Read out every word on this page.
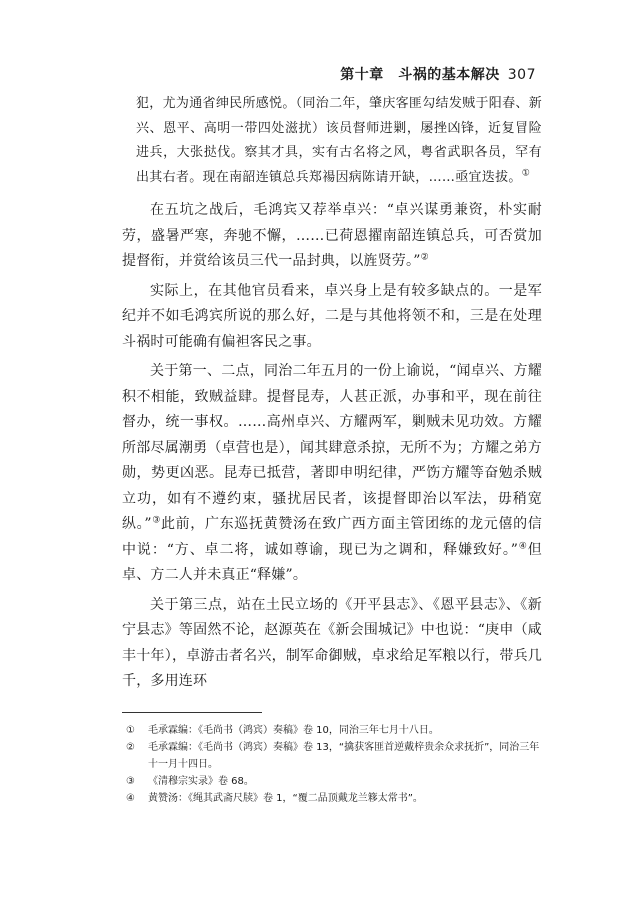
第十章　斗祸的基本解决 307
犯，尤为通省绅民所感悦。（同治二年，肇庆客匪勾结发贼于阳春、新兴、恩平、高明一带四处滋扰）该员督师进剿，屡挫凶锋，近复冒险进兵，大张挞伐。察其才具，实有古名将之风，粤省武职各员，罕有出其右者。现在南韶连镇总兵郑禓因病陈请开缺，……亟宜迭拔。①

在五坑之战后，毛鸿宾又荐举卓兴：“卓兴谋勇兼资，朴实耐劳，盛暑严寒，奔驰不懈，……已荷恩擢南韶连镇总兵，可否赏加提督衔，并赏给该员三代一品封典，以旌贤劳。”②

实际上，在其他官员看来，卓兴身上是有较多缺点的。一是军纪并不如毛鸿宾所说的那么好，二是与其他将领不和，三是在处理斗祸时可能确有偏袒客民之事。

关于第一、二点，同治二年五月的一份上谕说，“闻卓兴、方耀积不相能，致贼益肆。提督昆寿，人甚正派，办事和平，现在前往督办，统一事权。……高州卓兴、方耀两军，剿贼未见功效。方耀所部尽属潮勇（卓营也是），闻其肆意杀掠，无所不为；方耀之弟方勋，势更凶恶。昆寿已抵营，著即申明纪律，严饬方耀等奋勉杀贼立功，如有不遵约束，骚扰居民者，该提督即治以军法，毋稍宽纵。”③此前，广东巡抚黄赞汤在致广西方面主管团练的龙元僖的信中说：“方、卓二将，诚如尊谕，现已为之调和，释嫌致好。”④但卓、方二人并未真正“释嫌”。

关于第三点，站在土民立场的《开平县志》、《恩平县志》、《新宁县志》等固然不论，赵源英在《新会围城记》中也说：“庚申（咸丰十年），卓游击者名兴，制军命御贼，卓求给足军粮以行，带兵几千，多用连环

①	毛承霖编：《毛尚书（鸿宾）奏稿》卷 10，同治三年七月十八日。
②	毛承霖编：《毛尚书（鸿宾）奏稿》卷 13，“擒获客匪首逆戴梓贵余众求抚折”，同治三年十一月十四日。
③	《清穆宗实录》卷 68。
④	黄赞汤：《绳其武斋尺牍》卷 1，“覆二品顶戴龙兰簃太常书”。
